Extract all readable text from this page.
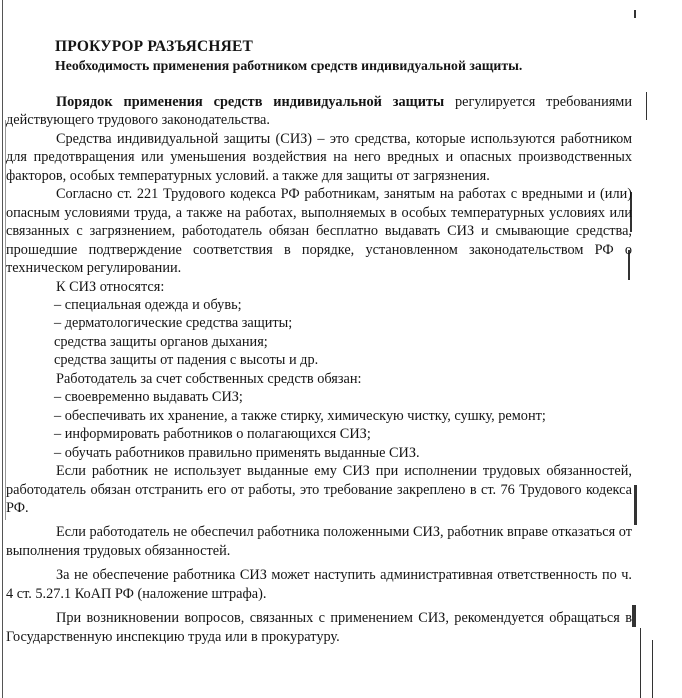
ПРОКУРОР РАЗЪЯСНЯЕТ
Необходимость применения работником средств индивидуальной защиты.

Порядок применения средств индивидуальной защиты регулируется требованиями действующего трудового законодательства.

Средства индивидуальной защиты (СИЗ) – это средства, которые используются работником для предотвращения или уменьшения воздействия на него вредных и опасных производственных факторов, особых температурных условий. а также для защиты от загрязнения.

Согласно ст. 221 Трудового кодекса РФ работникам, занятым на работах с вредными и (или) опасным условиями труда, а также на работах, выполняемых в особых температурных условиях или связанных с загрязнением, работодатель обязан бесплатно выдавать СИЗ и смывающие средства, прошедшие подтверждение соответствия в порядке, установленном законодательством РФ о техническом регулировании.

К СИЗ относятся:

– специальная одежда и обувь;

– дерматологические средства защиты;

средства защиты органов дыхания;

средства защиты от падения с высоты и др.

Работодатель за счет собственных средств обязан:

– своевременно выдавать СИЗ;

– обеспечивать их хранение, а также стирку, химическую чистку, сушку, ремонт;

– информировать работников о полагающихся СИЗ;

– обучать работников правильно применять выданные СИЗ.

Если работник не использует выданные ему СИЗ при исполнении трудовых обязанностей, работодатель обязан отстранить его от работы, это требование закреплено в ст. 76 Трудового кодекса РФ.

Если работодатель не обеспечил работника положенными СИЗ, работник вправе отказаться от выполнения трудовых обязанностей.

За не обеспечение работника СИЗ может наступить административная ответственность по ч. 4 ст. 5.27.1 КоАП РФ (наложение штрафа).

При возникновении вопросов, связанных с применением СИЗ, рекомендуется обращаться в Государственную инспекцию труда или в прокуратуру.
